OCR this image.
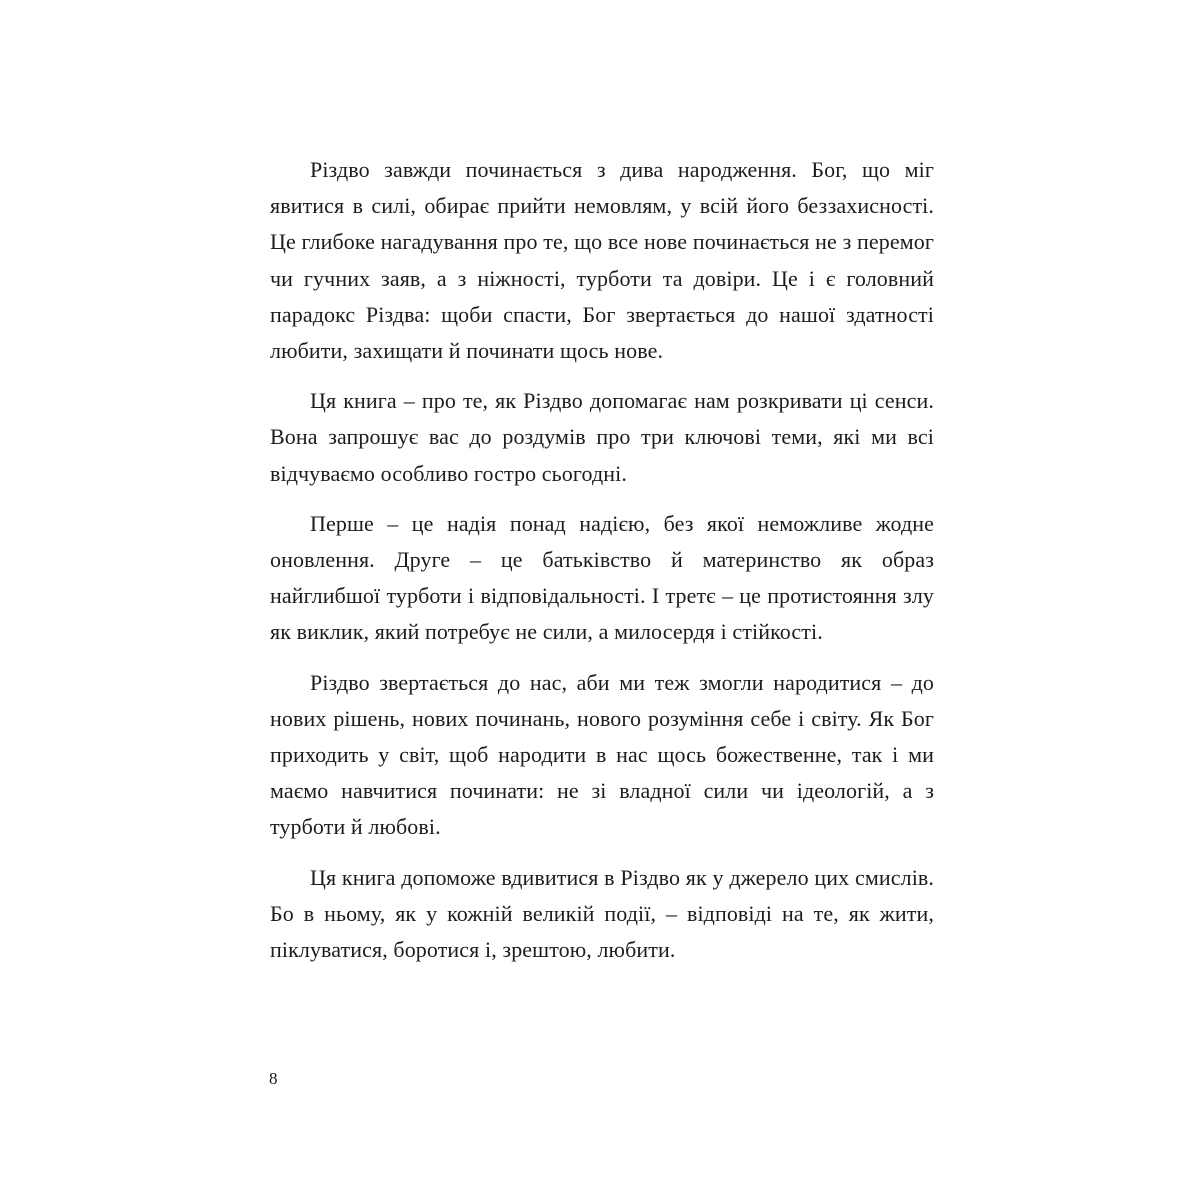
Різдво завжди починається з дива народження. Бог, що міг явитися в силі, обирає прийти немовлям, у всій його беззахисності. Це глибоке нагадування про те, що все нове починається не з перемог чи гучних заяв, а з ніжності, турботи та довіри. Це і є головний парадокс Різдва: щоби спасти, Бог звертається до нашої здатності любити, захищати й починати щось нове.

Ця книга – про те, як Різдво допомагає нам розкривати ці сенси. Вона запрошує вас до роздумів про три ключові теми, які ми всі відчуваємо особливо гостро сьогодні.

Перше – це надія понад надією, без якої неможливе жодне оновлення. Друге – це батьківство й материнство як образ найглибшої турботи і відповідальності. І третє – це протистояння злу як виклик, який потребує не сили, а милосердя і стійкості.

Різдво звертається до нас, аби ми теж змогли народитися – до нових рішень, нових починань, нового розуміння себе і світу. Як Бог приходить у світ, щоб народити в нас щось божественне, так і ми маємо навчитися починати: не зі владної сили чи ідеологій, а з турботи й любові.

Ця книга допоможе вдивитися в Різдво як у джерело цих смислів. Бо в ньому, як у кожній великій події, – відповіді на те, як жити, піклуватися, боротися і, зрештою, любити.

8
